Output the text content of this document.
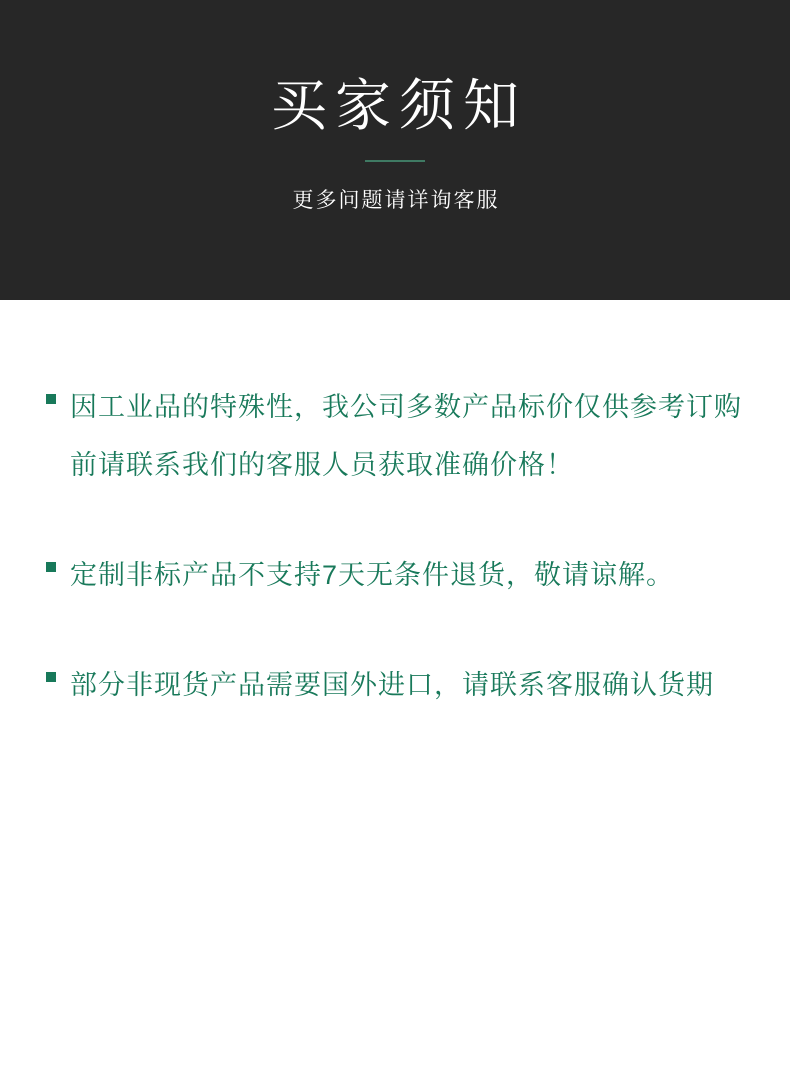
买家须知
更多问题请详询客服
因工业品的特殊性，我公司多数产品标价仅供参考订购前请联系我们的客服人员获取准确价格！
定制非标产品不支持7天无条件退货，敬请谅解。
部分非现货产品需要国外进口，请联系客服确认货期
